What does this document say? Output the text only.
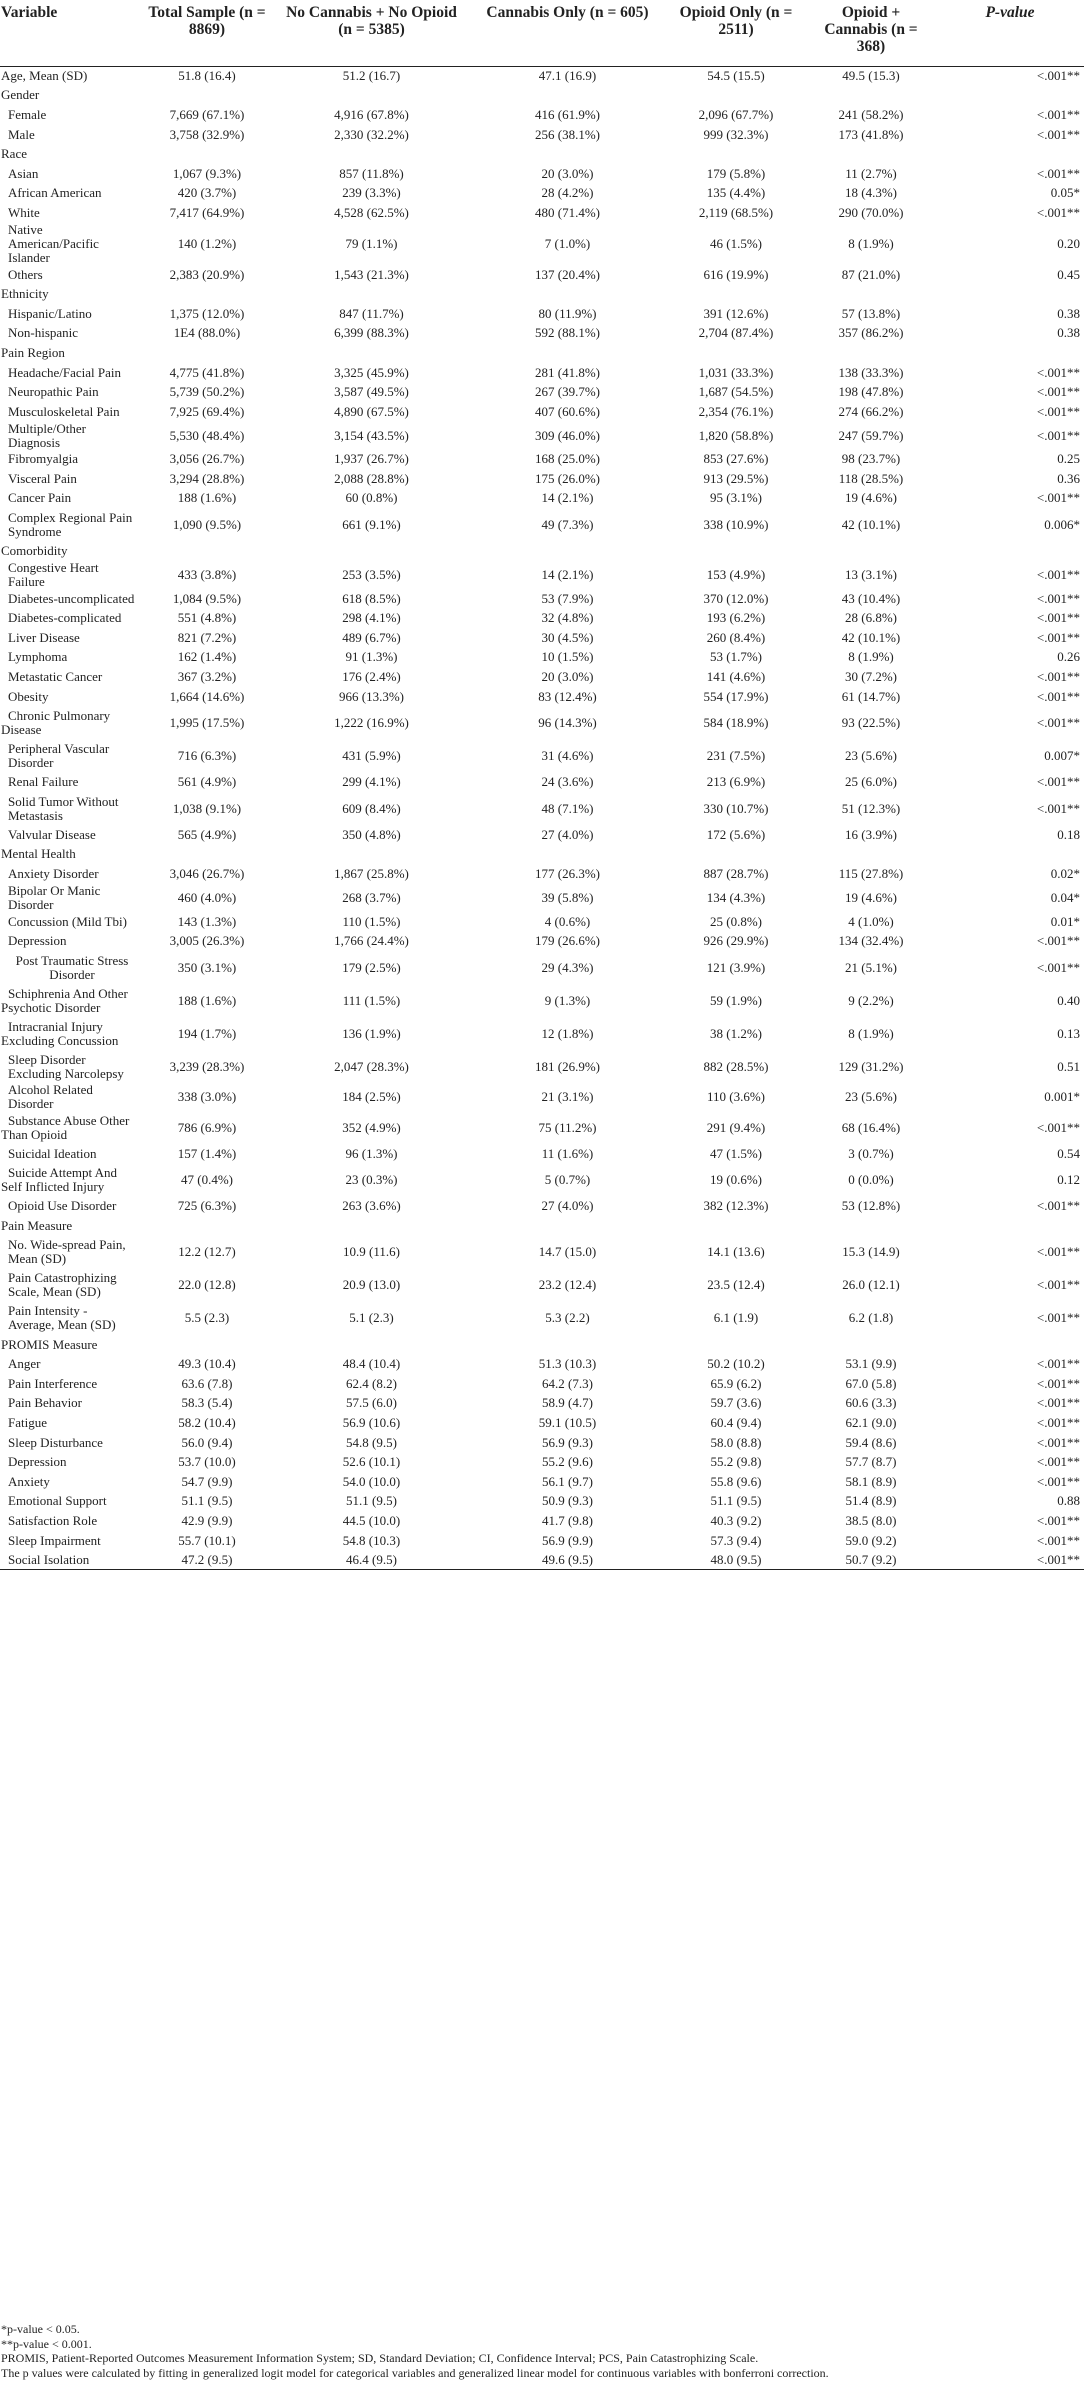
Variable	Total Sample (n = 8869)	No Cannabis + No Opioid (n = 5385)	Cannabis Only (n = 605)	Opioid Only (n = 2511)	Opioid + Cannabis (n = 368)	P-value
Age, Mean (SD)	51.8 (16.4)	51.2 (16.7)	47.1 (16.9)	54.5 (15.5)	49.5 (15.3)	<.001**
Gender						
Female	7,669 (67.1%)	4,916 (67.8%)	416 (61.9%)	2,096 (67.7%)	241 (58.2%)	<.001**
Male	3,758 (32.9%)	2,330 (32.2%)	256 (38.1%)	999 (32.3%)	173 (41.8%)	<.001**
Race						
Asian	1,067 (9.3%)	857 (11.8%)	20 (3.0%)	179 (5.8%)	11 (2.7%)	<.001**
African American	420 (3.7%)	239 (3.3%)	28 (4.2%)	135 (4.4%)	18 (4.3%)	0.05*
White	7,417 (64.9%)	4,528 (62.5%)	480 (71.4%)	2,119 (68.5%)	290 (70.0%)	<.001**
Native American/Pacific Islander	140 (1.2%)	79 (1.1%)	7 (1.0%)	46 (1.5%)	8 (1.9%)	0.20
Others	2,383 (20.9%)	1,543 (21.3%)	137 (20.4%)	616 (19.9%)	87 (21.0%)	0.45
Ethnicity						
Hispanic/Latino	1,375 (12.0%)	847 (11.7%)	80 (11.9%)	391 (12.6%)	57 (13.8%)	0.38
Non-hispanic	1E4 (88.0%)	6,399 (88.3%)	592 (88.1%)	2,704 (87.4%)	357 (86.2%)	0.38
Pain Region						
Headache/Facial Pain	4,775 (41.8%)	3,325 (45.9%)	281 (41.8%)	1,031 (33.3%)	138 (33.3%)	<.001**
Neuropathic Pain	5,739 (50.2%)	3,587 (49.5%)	267 (39.7%)	1,687 (54.5%)	198 (47.8%)	<.001**
Musculoskeletal Pain	7,925 (69.4%)	4,890 (67.5%)	407 (60.6%)	2,354 (76.1%)	274 (66.2%)	<.001**
Multiple/Other Diagnosis	5,530 (48.4%)	3,154 (43.5%)	309 (46.0%)	1,820 (58.8%)	247 (59.7%)	<.001**
Fibromyalgia	3,056 (26.7%)	1,937 (26.7%)	168 (25.0%)	853 (27.6%)	98 (23.7%)	0.25
Visceral Pain	3,294 (28.8%)	2,088 (28.8%)	175 (26.0%)	913 (29.5%)	118 (28.5%)	0.36
Cancer Pain	188 (1.6%)	60 (0.8%)	14 (2.1%)	95 (3.1%)	19 (4.6%)	<.001**
Complex Regional Pain Syndrome	1,090 (9.5%)	661 (9.1%)	49 (7.3%)	338 (10.9%)	42 (10.1%)	0.006*
Comorbidity						
Congestive Heart Failure	433 (3.8%)	253 (3.5%)	14 (2.1%)	153 (4.9%)	13 (3.1%)	<.001**
Diabetes-uncomplicated	1,084 (9.5%)	618 (8.5%)	53 (7.9%)	370 (12.0%)	43 (10.4%)	<.001**
Diabetes-complicated	551 (4.8%)	298 (4.1%)	32 (4.8%)	193 (6.2%)	28 (6.8%)	<.001**
Liver Disease	821 (7.2%)	489 (6.7%)	30 (4.5%)	260 (8.4%)	42 (10.1%)	<.001**
Lymphoma	162 (1.4%)	91 (1.3%)	10 (1.5%)	53 (1.7%)	8 (1.9%)	0.26
Metastatic Cancer	367 (3.2%)	176 (2.4%)	20 (3.0%)	141 (4.6%)	30 (7.2%)	<.001**
Obesity	1,664 (14.6%)	966 (13.3%)	83 (12.4%)	554 (17.9%)	61 (14.7%)	<.001**
Chronic Pulmonary Disease	1,995 (17.5%)	1,222 (16.9%)	96 (14.3%)	584 (18.9%)	93 (22.5%)	<.001**
Peripheral Vascular Disorder	716 (6.3%)	431 (5.9%)	31 (4.6%)	231 (7.5%)	23 (5.6%)	0.007*
Renal Failure	561 (4.9%)	299 (4.1%)	24 (3.6%)	213 (6.9%)	25 (6.0%)	<.001**
Solid Tumor Without Metastasis	1,038 (9.1%)	609 (8.4%)	48 (7.1%)	330 (10.7%)	51 (12.3%)	<.001**
Valvular Disease	565 (4.9%)	350 (4.8%)	27 (4.0%)	172 (5.6%)	16 (3.9%)	0.18
Mental Health						
Anxiety Disorder	3,046 (26.7%)	1,867 (25.8%)	177 (26.3%)	887 (28.7%)	115 (27.8%)	0.02*
Bipolar Or Manic Disorder	460 (4.0%)	268 (3.7%)	39 (5.8%)	134 (4.3%)	19 (4.6%)	0.04*
Concussion (Mild Tbi)	143 (1.3%)	110 (1.5%)	4 (0.6%)	25 (0.8%)	4 (1.0%)	0.01*
Depression	3,005 (26.3%)	1,766 (24.4%)	179 (26.6%)	926 (29.9%)	134 (32.4%)	<.001**
Post Traumatic Stress Disorder	350 (3.1%)	179 (2.5%)	29 (4.3%)	121 (3.9%)	21 (5.1%)	<.001**
Schiphrenia And Other Psychotic Disorder	188 (1.6%)	111 (1.5%)	9 (1.3%)	59 (1.9%)	9 (2.2%)	0.40
Intracranial Injury Excluding Concussion	194 (1.7%)	136 (1.9%)	12 (1.8%)	38 (1.2%)	8 (1.9%)	0.13
Sleep Disorder Excluding Narcolepsy	3,239 (28.3%)	2,047 (28.3%)	181 (26.9%)	882 (28.5%)	129 (31.2%)	0.51
Alcohol Related Disorder	338 (3.0%)	184 (2.5%)	21 (3.1%)	110 (3.6%)	23 (5.6%)	0.001*
Substance Abuse Other Than Opioid	786 (6.9%)	352 (4.9%)	75 (11.2%)	291 (9.4%)	68 (16.4%)	<.001**
Suicidal Ideation	157 (1.4%)	96 (1.3%)	11 (1.6%)	47 (1.5%)	3 (0.7%)	0.54
Suicide Attempt And Self Inflicted Injury	47 (0.4%)	23 (0.3%)	5 (0.7%)	19 (0.6%)	0 (0.0%)	0.12
Opioid Use Disorder	725 (6.3%)	263 (3.6%)	27 (4.0%)	382 (12.3%)	53 (12.8%)	<.001**
Pain Measure						
No. Wide-spread Pain, Mean (SD)	12.2 (12.7)	10.9 (11.6)	14.7 (15.0)	14.1 (13.6)	15.3 (14.9)	<.001**
Pain Catastrophizing Scale, Mean (SD)	22.0 (12.8)	20.9 (13.0)	23.2 (12.4)	23.5 (12.4)	26.0 (12.1)	<.001**
Pain Intensity - Average, Mean (SD)	5.5 (2.3)	5.1 (2.3)	5.3 (2.2)	6.1 (1.9)	6.2 (1.8)	<.001**
PROMIS Measure						
Anger	49.3 (10.4)	48.4 (10.4)	51.3 (10.3)	50.2 (10.2)	53.1 (9.9)	<.001**
Pain Interference	63.6 (7.8)	62.4 (8.2)	64.2 (7.3)	65.9 (6.2)	67.0 (5.8)	<.001**
Pain Behavior	58.3 (5.4)	57.5 (6.0)	58.9 (4.7)	59.7 (3.6)	60.6 (3.3)	<.001**
Fatigue	58.2 (10.4)	56.9 (10.6)	59.1 (10.5)	60.4 (9.4)	62.1 (9.0)	<.001**
Sleep Disturbance	56.0 (9.4)	54.8 (9.5)	56.9 (9.3)	58.0 (8.8)	59.4 (8.6)	<.001**
Depression	53.7 (10.0)	52.6 (10.1)	55.2 (9.6)	55.2 (9.8)	57.7 (8.7)	<.001**
Anxiety	54.7 (9.9)	54.0 (10.0)	56.1 (9.7)	55.8 (9.6)	58.1 (8.9)	<.001**
Emotional Support	51.1 (9.5)	51.1 (9.5)	50.9 (9.3)	51.1 (9.5)	51.4 (8.9)	0.88
Satisfaction Role	42.9 (9.9)	44.5 (10.0)	41.7 (9.8)	40.3 (9.2)	38.5 (8.0)	<.001**
Sleep Impairment	55.7 (10.1)	54.8 (10.3)	56.9 (9.9)	57.3 (9.4)	59.0 (9.2)	<.001**
Social Isolation	47.2 (9.5)	46.4 (9.5)	49.6 (9.5)	48.0 (9.5)	50.7 (9.2)	<.001**
*p-value < 0.05.
**p-value < 0.001.
PROMIS, Patient-Reported Outcomes Measurement Information System; SD, Standard Deviation; CI, Confidence Interval; PCS, Pain Catastrophizing Scale.
The p values were calculated by fitting in generalized logit model for categorical variables and generalized linear model for continuous variables with bonferroni correction.
